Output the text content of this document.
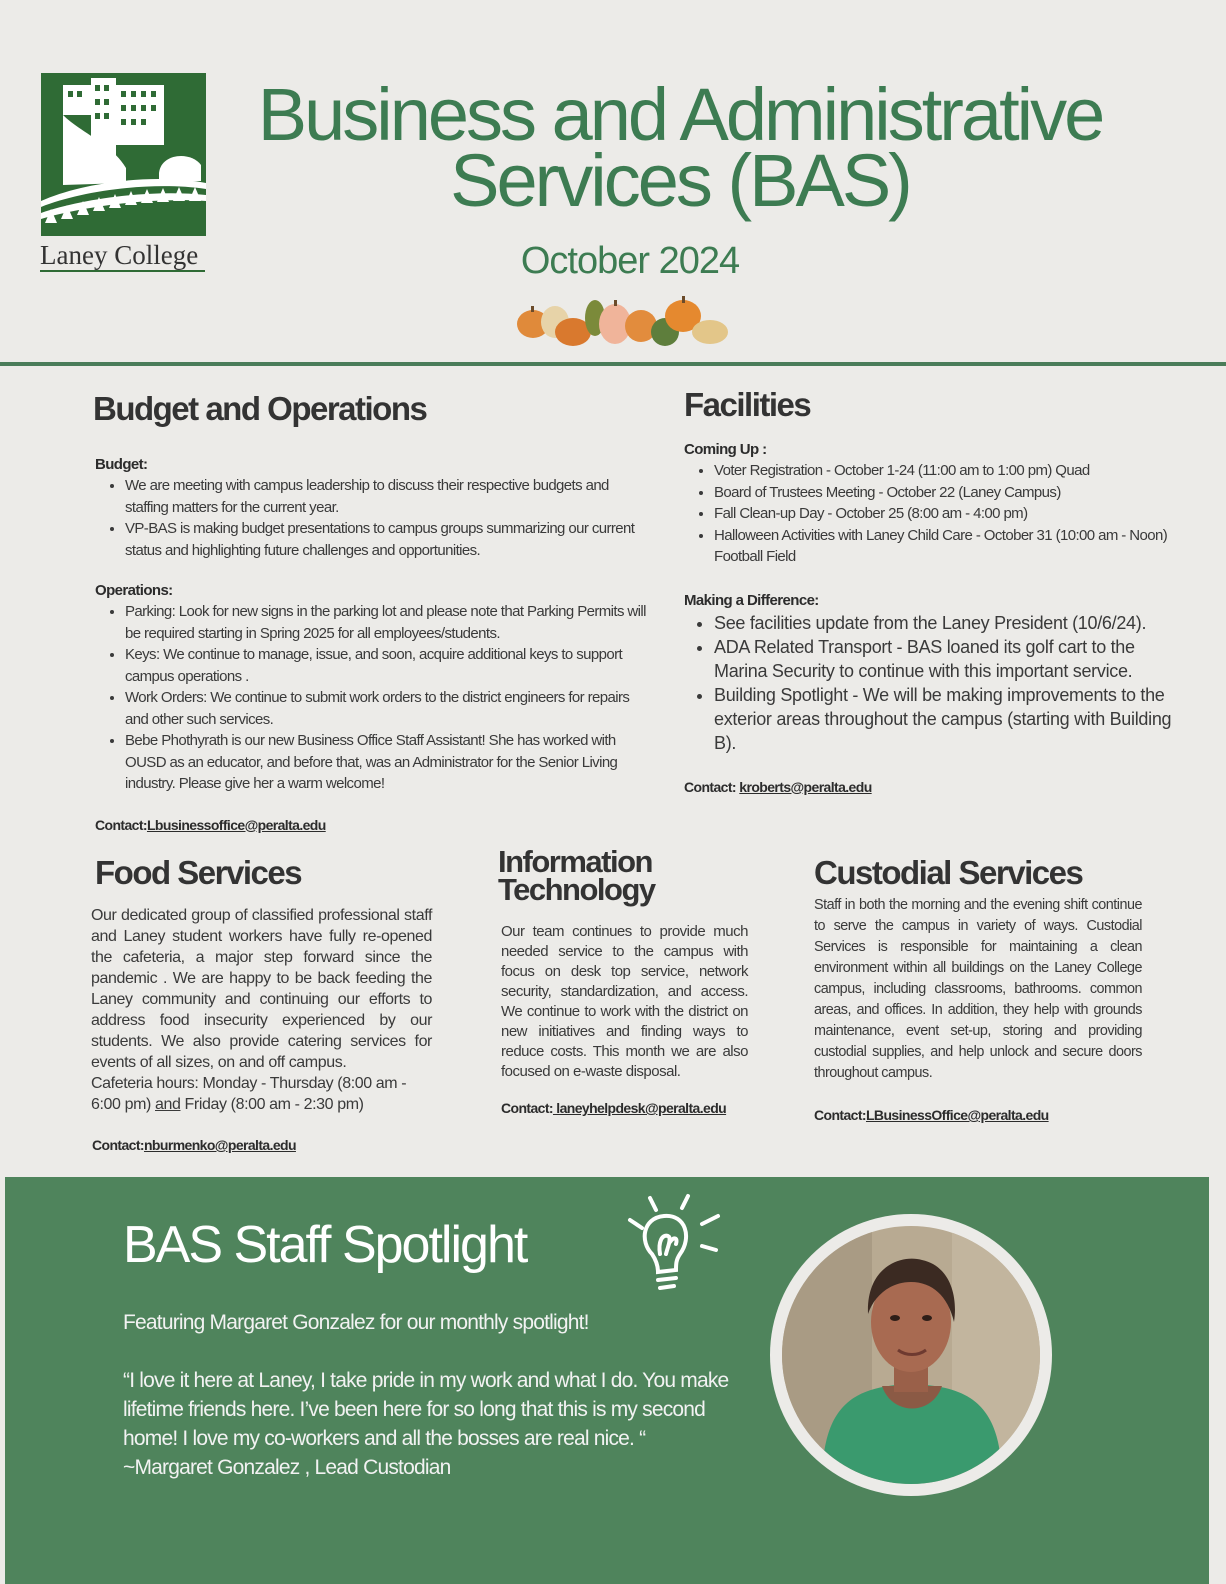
Laney College
Business and Administrative
Services (BAS)
October 2024
Budget and Operations
Budget:
• We are meeting with campus leadership to discuss their respective budgets and staffing matters for the current year.
• VP-BAS is making budget presentations to campus groups summarizing our current status and highlighting future challenges and opportunities.
Operations:
• Parking: Look for new signs in the parking lot and please note that Parking Permits will be required starting in Spring 2025 for all employees/students.
• Keys: We continue to manage, issue, and soon, acquire additional keys to support campus operations .
• Work Orders: We continue to submit work orders to the district engineers for repairs and other such services.
• Bebe Phothyrath is our new Business Office Staff Assistant! She has worked with OUSD as an educator, and before that, was an Administrator for the Senior Living industry. Please give her a warm welcome!
Contact:Lbusinessoffice@peralta.edu
Facilities
Coming Up :
• Voter Registration - October 1-24 (11:00 am to 1:00 pm) Quad
• Board of Trustees Meeting - October 22 (Laney Campus)
• Fall Clean-up Day - October 25 (8:00 am - 4:00 pm)
• Halloween Activities with Laney Child Care - October 31 (10:00 am - Noon) Football Field
Making a Difference:
• See facilities update from the Laney President (10/6/24).
• ADA Related Transport - BAS loaned its golf cart to the Marina Security to continue with this important service.
• Building Spotlight - We will be making improvements to the exterior areas throughout the campus (starting with Building B).
Contact: kroberts@peralta.edu
Food Services
Our dedicated group of classified professional staff and Laney student workers have fully re-opened the cafeteria, a major step forward since the pandemic . We are happy to be back feeding the Laney community and continuing our efforts to address food insecurity experienced by our students. We also provide catering services for events of all sizes, on and off campus.
Cafeteria hours: Monday - Thursday (8:00 am - 6:00 pm) and Friday (8:00 am - 2:30 pm)
Contact:nburmenko@peralta.edu
Information
Technology
Our team continues to provide much needed service to the campus with focus on desk top service, network security, standardization, and access. We continue to work with the district on new initiatives and finding ways to reduce costs. This month we are also focused on e-waste disposal.
Contact: laneyhelpdesk@peralta.edu
Custodial Services
Staff in both the morning and the evening shift continue to serve the campus in variety of ways. Custodial Services is responsible for maintaining a clean environment within all buildings on the Laney College campus, including classrooms, bathrooms. common areas, and offices. In addition, they help with grounds maintenance, event set-up, storing and providing custodial supplies, and help unlock and secure doors throughout campus.
Contact:LBusinessOffice@peralta.edu
BAS Staff Spotlight
Featuring Margaret Gonzalez for our monthly spotlight!
“I love it here at Laney, I take pride in my work and what I do. You make lifetime friends here. I’ve been here for so long that this is my second home! I love my co-workers and all the bosses are real nice. “ ~Margaret Gonzalez , Lead Custodian
